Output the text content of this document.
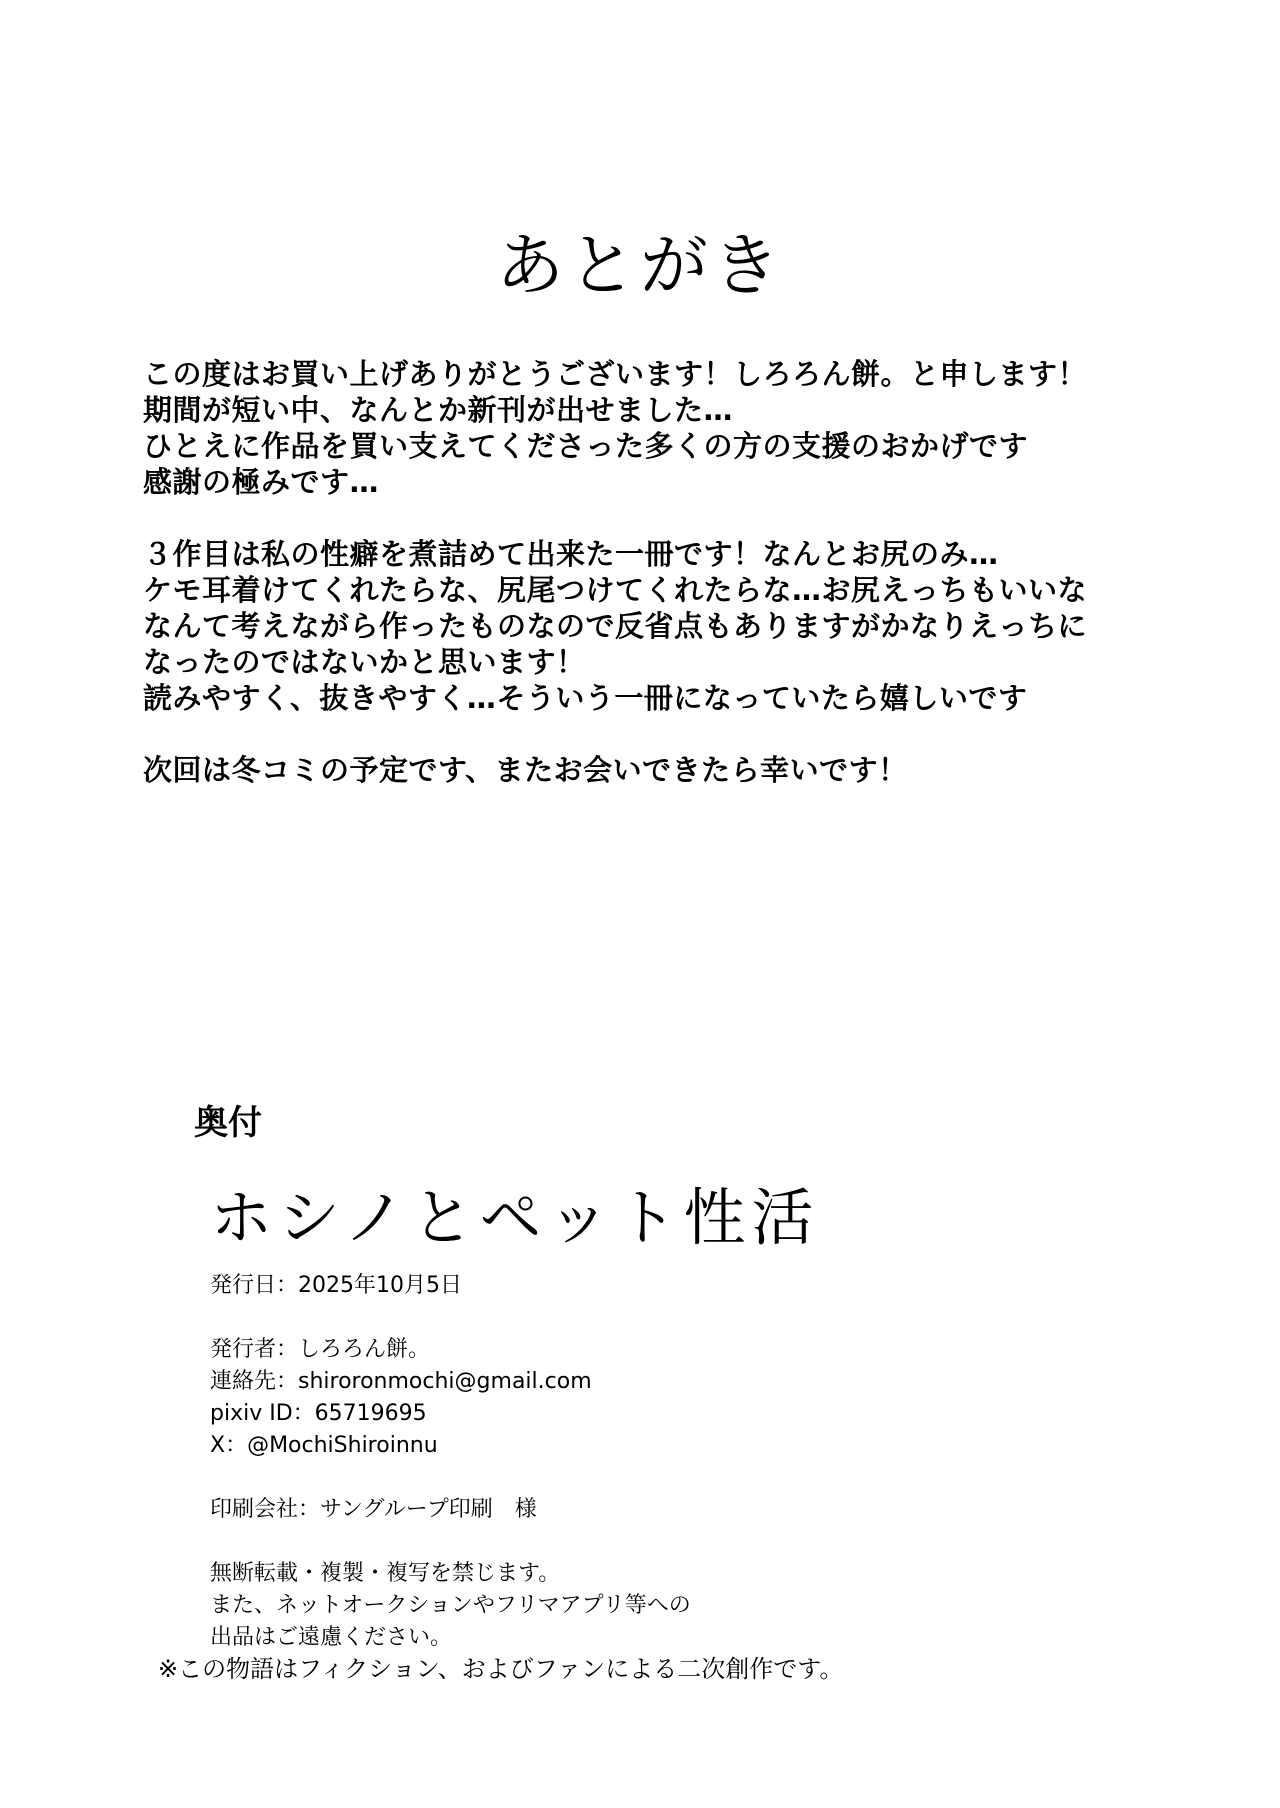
あとがき
この度はお買い上げありがとうございます！しろろん餅。と申します！
期間が短い中、なんとか新刊が出せました…
ひとえに作品を買い支えてくださった多くの方の支援のおかげです
感謝の極みです…
３作目は私の性癖を煮詰めて出来た一冊です！なんとお尻のみ…
ケモ耳着けてくれたらな、尻尾つけてくれたらな…お尻えっちもいいな
なんて考えながら作ったものなので反省点もありますがかなりえっちに
なったのではないかと思います！
読みやすく、抜きやすく…そういう一冊になっていたら嬉しいです
次回は冬コミの予定です、またお会いできたら幸いです！
奥付
ホシノとペット性活
発行日：2025年10月5日
発行者：しろろん餅。
連絡先：shiroronmochi@gmail.com
pixiv ID：65719695
X：@MochiShiroinnu
印刷会社：サングループ印刷　様
無断転載・複製・複写を禁じます。
また、ネットオークションやフリマアプリ等への
出品はご遠慮ください。
※この物語はフィクション、およびファンによる二次創作です。
